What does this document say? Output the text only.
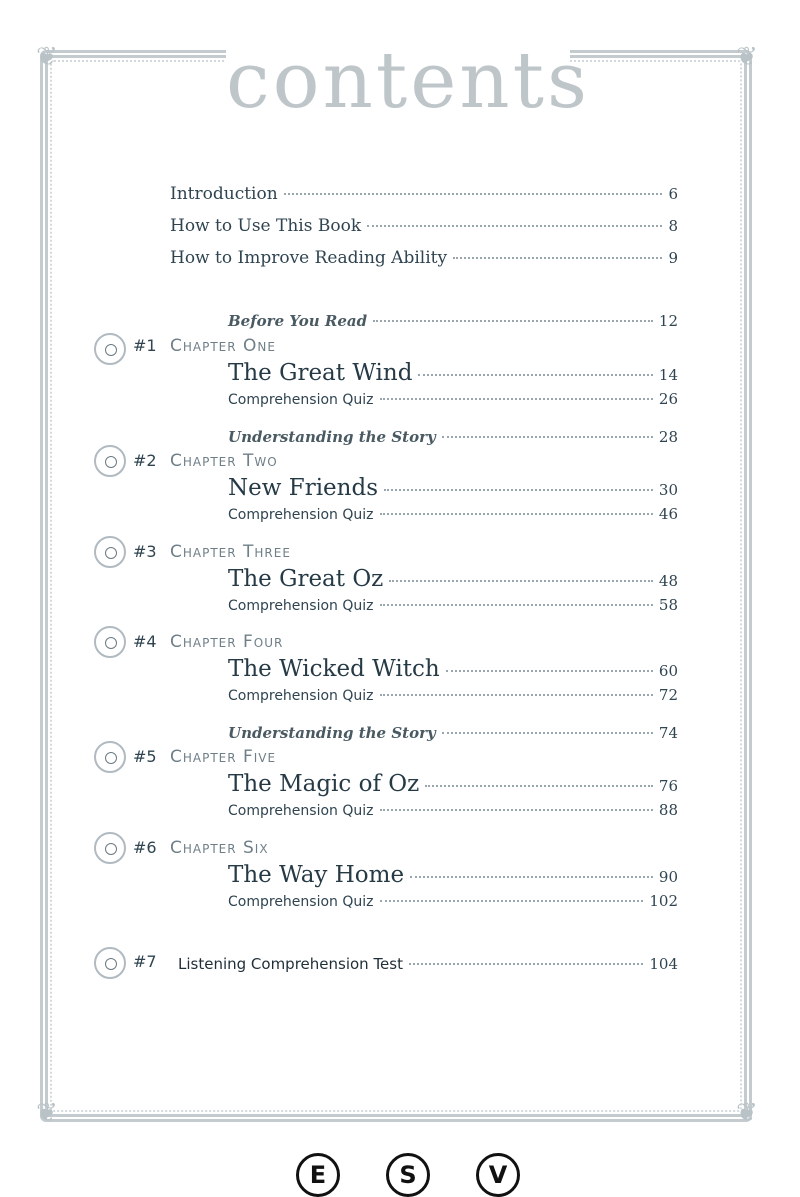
❦	❦
❦	❦
contents
Introduction	6
How to Use This Book	8
How to Improve Reading Ability	9
Before You Read	12
#1 Chapter One
The Great Wind	14
Comprehension Quiz	26
Understanding the Story	28
#2 Chapter Two
New Friends	30
Comprehension Quiz	46
#3 Chapter Three
The Great Oz	48
Comprehension Quiz	58
#4 Chapter Four
The Wicked Witch	60
Comprehension Quiz	72
Understanding the Story	74
#5 Chapter Five
The Magic of Oz	76
Comprehension Quiz	88
#6 Chapter Six
The Way Home	90
Comprehension Quiz	102
#7 Listening Comprehension Test	104
E	S	V
